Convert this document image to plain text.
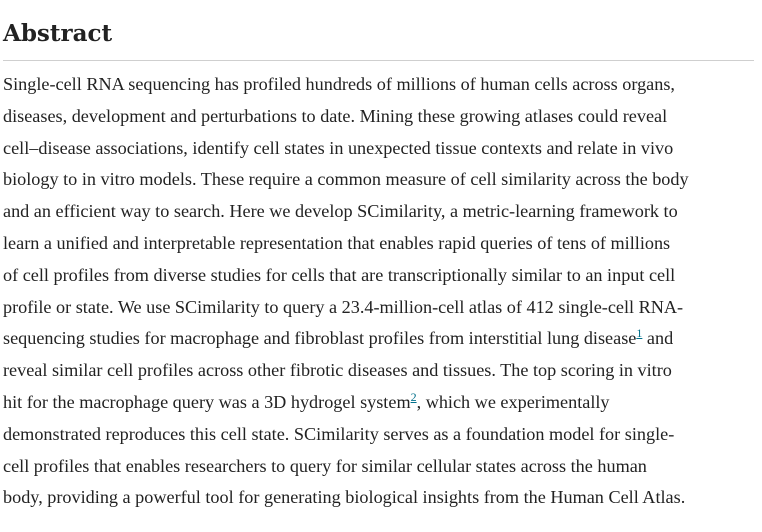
Abstract
Single-cell RNA sequencing has profiled hundreds of millions of human cells across organs,
diseases, development and perturbations to date. Mining these growing atlases could reveal
cell–disease associations, identify cell states in unexpected tissue contexts and relate in vivo
biology to in vitro models. These require a common measure of cell similarity across the body
and an efficient way to search. Here we develop SCimilarity, a metric-learning framework to
learn a unified and interpretable representation that enables rapid queries of tens of millions
of cell profiles from diverse studies for cells that are transcriptionally similar to an input cell
profile or state. We use SCimilarity to query a 23.4-million-cell atlas of 412 single-cell RNA-
sequencing studies for macrophage and fibroblast profiles from interstitial lung disease$^1$ and
reveal similar cell profiles across other fibrotic diseases and tissues. The top scoring in vitro
hit for the macrophage query was a 3D hydrogel system$^2$, which we experimentally
demonstrated reproduces this cell state. SCimilarity serves as a foundation model for single-
cell profiles that enables researchers to query for similar cellular states across the human
body, providing a powerful tool for generating biological insights from the Human Cell Atlas.
